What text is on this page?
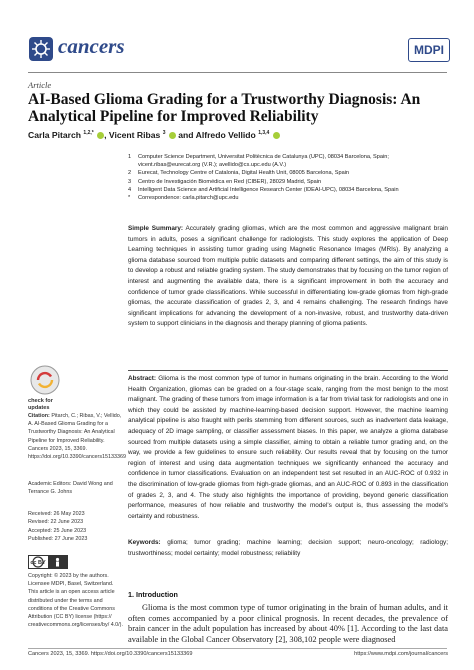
cancers	MDPI
Article
AI-Based Glioma Grading for a Trustworthy Diagnosis: An Analytical Pipeline for Improved Reliability
Carla Pitarch $^{1,2,*}$ , Vicent Ribas $^3$ and Alfredo Vellido $^{1,3,4}$
1	Computer Science Department, Universitat Politècnica de Catalunya (UPC), 08034 Barcelona, Spain; vicent.ribas@eurecat.org (V.R.); avellido@cs.upc.edu (A.V.)
2	Eurecat, Technology Centre of Catalonia, Digital Health Unit, 08005 Barcelona, Spain
3	Centro de Investigación Biomédica en Red (CIBER), 28029 Madrid, Spain
4	Intelligent Data Science and Artificial Intelligence Research Center (IDEAI-UPC), 08034 Barcelona, Spain
*	Correspondence: carla.pitarch@upc.edu
Simple Summary: Accurately grading gliomas, which are the most common and aggressive malignant brain tumors in adults, poses a significant challenge for radiologists. This study explores the application of Deep Learning techniques in assisting tumor grading using Magnetic Resonance Images (MRIs). By analyzing a glioma database sourced from multiple public datasets and comparing different settings, the aim of this study is to develop a robust and reliable grading system. The study demonstrates that by focusing on the tumor region of interest and augmenting the available data, there is a significant improvement in both the accuracy and confidence of tumor grade classifications. While successful in differentiating low-grade gliomas from high-grade gliomas, the accurate classification of grades 2, 3, and 4 remains challenging. The research findings have significant implications for advancing the development of a non-invasive, robust, and trustworthy data-driven system to support clinicians in the diagnosis and therapy planning of glioma patients.
Abstract: Glioma is the most common type of tumor in humans originating in the brain. According to the World Health Organization, gliomas can be graded on a four-stage scale, ranging from the most benign to the most malignant. The grading of these tumors from image information is a far from trivial task for radiologists and one in which they could be assisted by machine-learning-based decision support. However, the machine learning analytical pipeline is also fraught with perils stemming from different sources, such as inadvertent data leakage, adequacy of 2D image sampling, or classifier assessment biases. In this paper, we analyze a glioma database sourced from multiple datasets using a simple classifier, aiming to obtain a reliable tumor grading and, on the way, we provide a few guidelines to ensure such reliability. Our results reveal that by focusing on the tumor region of interest and using data augmentation techniques we significantly enhanced the accuracy and confidence in tumor classifications. Evaluation on an independent test set resulted in an AUC-ROC of 0.932 in the discrimination of low-grade gliomas from high-grade gliomas, and an AUC-ROC of 0.893 in the classification of grades 2, 3, and 4. The study also highlights the importance of providing, beyond generic classification performance, measures of how reliable and trustworthy the model's output is, thus assessing the model's certainty and robustness.
Keywords: glioma; tumor grading; machine learning; decision support; neuro-oncology; radiology; trustworthiness; model certainty; model robustness; reliability
check for
updates
Citation: Pitarch, C.; Ribas, V.; Vellido, A. AI-Based Glioma Grading for a Trustworthy Diagnosis: An Analytical Pipeline for Improved Reliability. Cancers 2023, 15, 3369. https://doi.org/10.3390/cancers15133369
Academic Editors: David Wong and Terrance G. Johns
Received: 26 May 2023
Revised: 22 June 2023
Accepted: 25 June 2023
Published: 27 June 2023
cc BY
Copyright: © 2023 by the authors. Licensee MDPI, Basel, Switzerland. This article is an open access article distributed under the terms and conditions of the Creative Commons Attribution (CC BY) license (https:// creativecommons.org/licenses/by/ 4.0/).
1. Introduction

Glioma is the most common type of tumor originating in the brain of human adults, and it often comes accompanied by a poor clinical prognosis. In recent decades, the prevalence of brain cancer in the adult population has increased by about 40% [1]. According to the last data available in the Global Cancer Observatory [2], 308,102 people were diagnosed

Cancers 2023, 15, 3369. https://doi.org/10.3390/cancers15133369	https://www.mdpi.com/journal/cancers
